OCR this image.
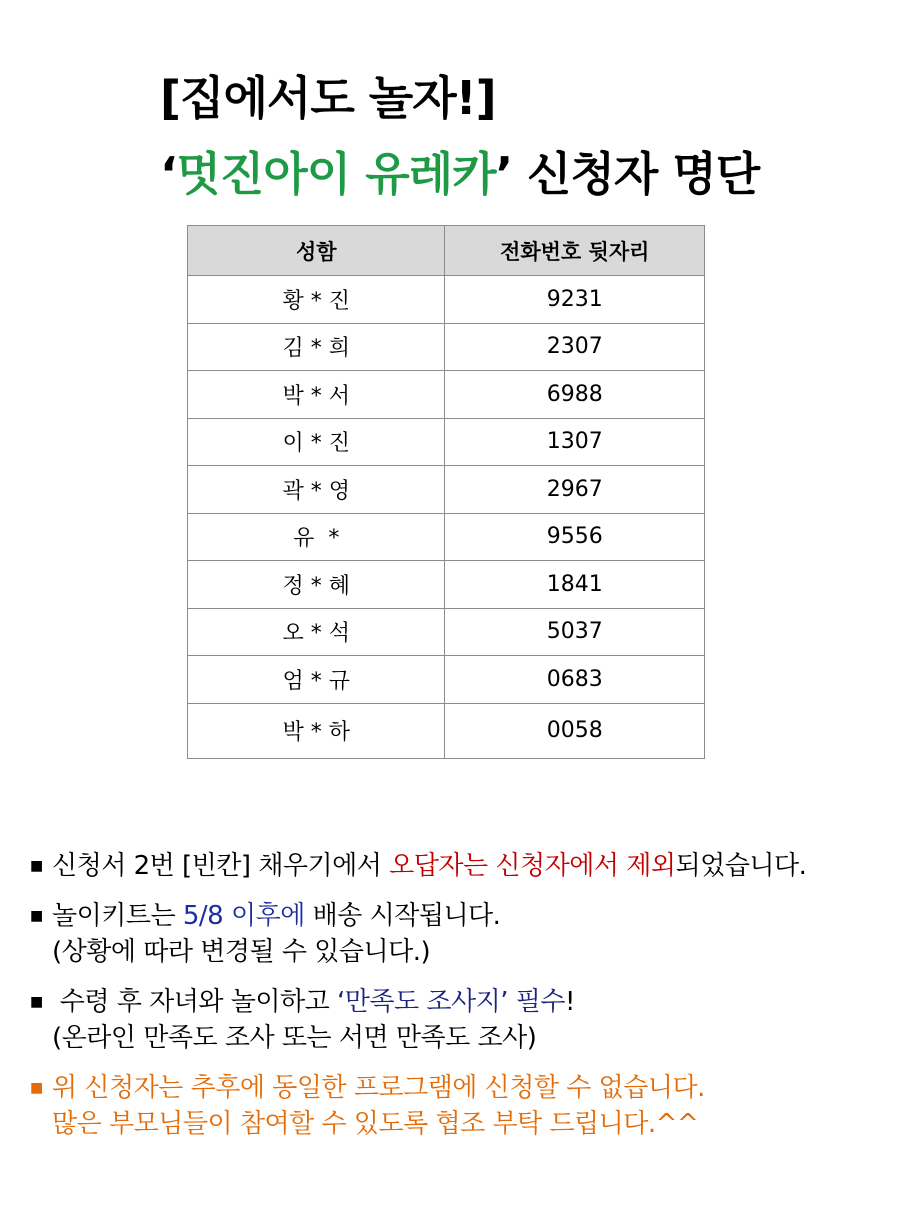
[집에서도 놀자!]
‘멋진아이 유레카’ 신청자 명단
성함	전화번호 뒷자리
황 * 진	9231
김 * 희	2307
박 * 서	6988
이 * 진	1307
곽 * 영	2967
유  *	9556
정 * 혜	1841
오 * 석	5037
엄 * 규	0683
박 * 하	0058
■ 신청서 2번 [빈칸] 채우기에서 오답자는 신청자에서 제외되었습니다.
■ 놀이키트는 5/8 이후에 배송 시작됩니다.
(상황에 따라 변경될 수 있습니다.)
■ 수령 후 자녀와 놀이하고 ‘만족도 조사지’ 필수!
(온라인 만족도 조사 또는 서면 만족도 조사)
■ 위 신청자는 추후에 동일한 프로그램에 신청할 수 없습니다.
많은 부모님들이 참여할 수 있도록 협조 부탁 드립니다.^^
